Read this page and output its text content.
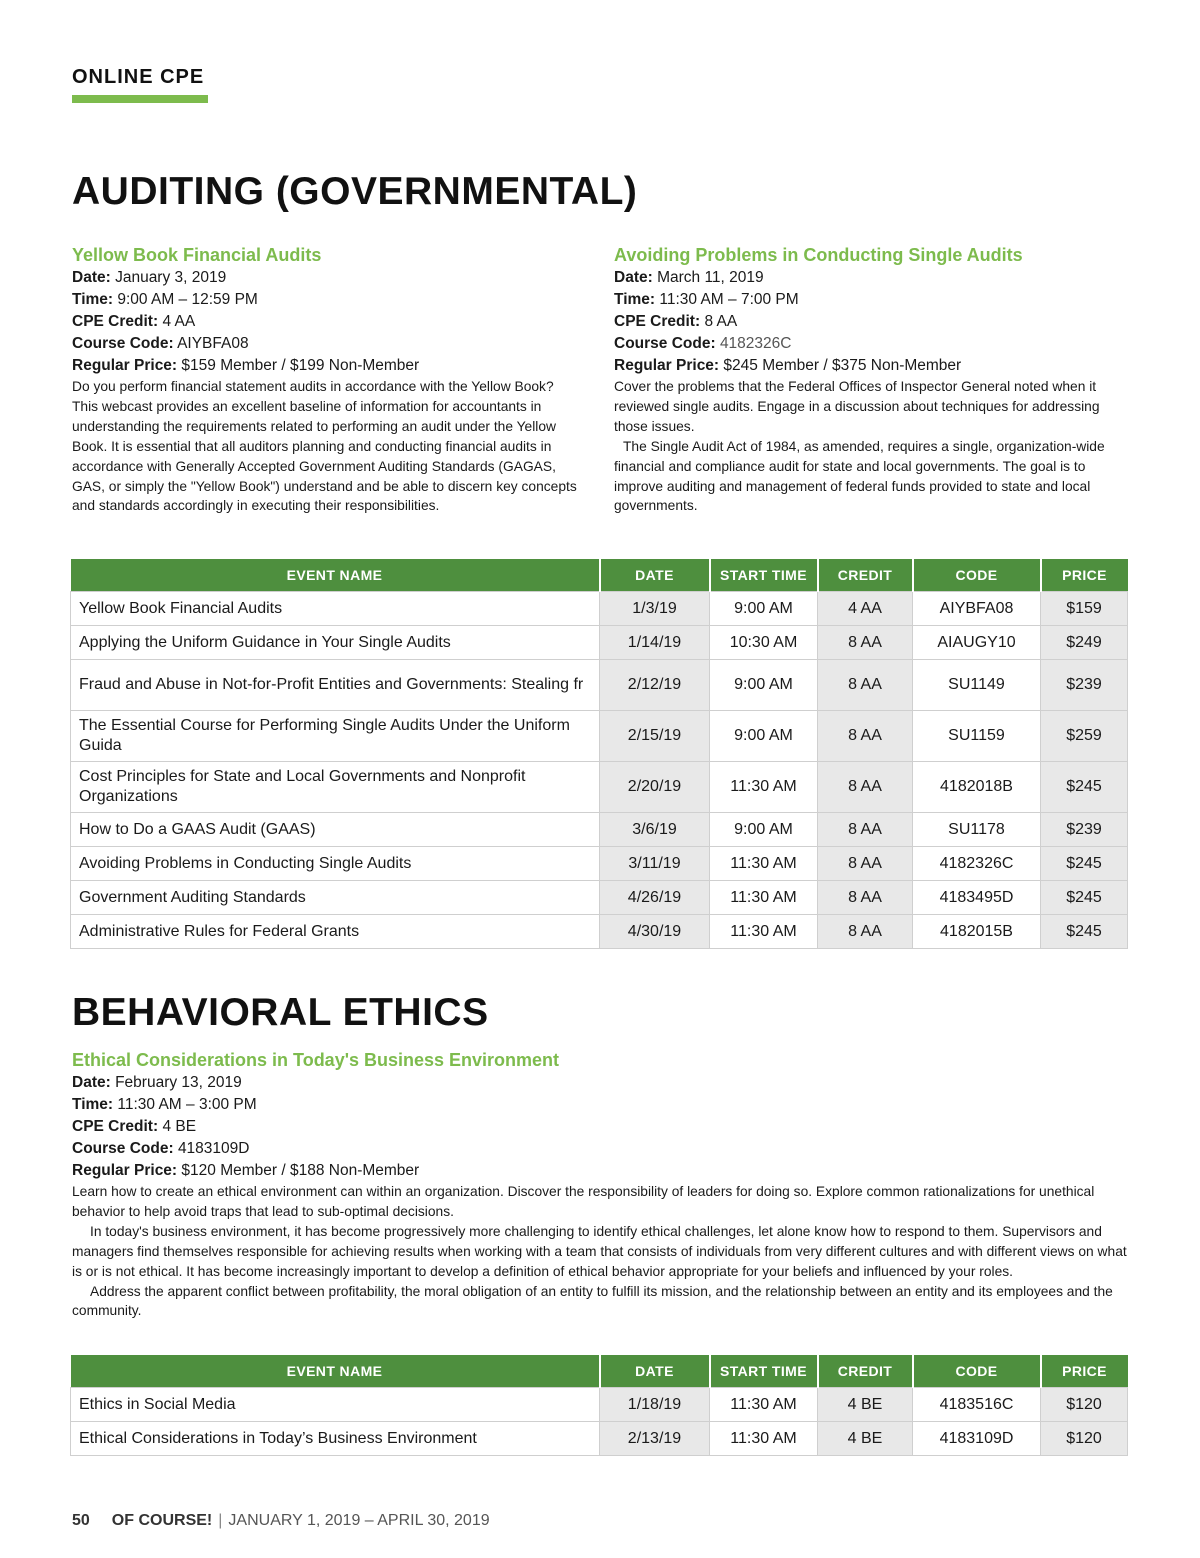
ONLINE CPE
AUDITING (GOVERNMENTAL)
Yellow Book Financial Audits
Date: January 3, 2019
Time: 9:00 AM – 12:59 PM
CPE Credit: 4 AA
Course Code: AIYBFA08
Regular Price: $159 Member / $199 Non-Member
Do you perform financial statement audits in accordance with the Yellow Book? This webcast provides an excellent baseline of information for accountants in understanding the requirements related to performing an audit under the Yellow Book. It is essential that all auditors planning and conducting financial audits in accordance with Generally Accepted Government Auditing Standards (GAGAS, GAS, or simply the "Yellow Book") understand and be able to discern key concepts and standards accordingly in executing their responsibilities.
Avoiding Problems in Conducting Single Audits
Date: March 11, 2019
Time: 11:30 AM – 7:00 PM
CPE Credit: 8 AA
Course Code: 4182326C
Regular Price: $245 Member / $375 Non-Member
Cover the problems that the Federal Offices of Inspector General noted when it reviewed single audits. Engage in a discussion about techniques for addressing those issues.
The Single Audit Act of 1984, as amended, requires a single, organization-wide financial and compliance audit for state and local governments. The goal is to improve auditing and management of federal funds provided to state and local governments.
EVENT NAME	DATE	START TIME	CREDIT	CODE	PRICE
Yellow Book Financial Audits	1/3/19	9:00 AM	4 AA	AIYBFA08	$159
Applying the Uniform Guidance in Your Single Audits	1/14/19	10:30 AM	8 AA	AIAUGY10	$249
Fraud and Abuse in Not-for-Profit Entities and Governments: Stealing fr	2/12/19	9:00 AM	8 AA	SU1149	$239
The Essential Course for Performing Single Audits Under the Uniform Guida	2/15/19	9:00 AM	8 AA	SU1159	$259
Cost Principles for State and Local Governments and Nonprofit Organizations	2/20/19	11:30 AM	8 AA	4182018B	$245
How to Do a GAAS Audit (GAAS)	3/6/19	9:00 AM	8 AA	SU1178	$239
Avoiding Problems in Conducting Single Audits	3/11/19	11:30 AM	8 AA	4182326C	$245
Government Auditing Standards	4/26/19	11:30 AM	8 AA	4183495D	$245
Administrative Rules for Federal Grants	4/30/19	11:30 AM	8 AA	4182015B	$245
BEHAVIORAL ETHICS
Ethical Considerations in Today's Business Environment
Date: February 13, 2019
Time: 11:30 AM – 3:00 PM
CPE Credit: 4 BE
Course Code: 4183109D
Regular Price: $120 Member / $188 Non-Member
Learn how to create an ethical environment can within an organization. Discover the responsibility of leaders for doing so. Explore common rationalizations for unethical behavior to help avoid traps that lead to sub-optimal decisions.
In today's business environment, it has become progressively more challenging to identify ethical challenges, let alone know how to respond to them. Supervisors and managers find themselves responsible for achieving results when working with a team that consists of individuals from very different cultures and with different views on what is or is not ethical. It has become increasingly important to develop a definition of ethical behavior appropriate for your beliefs and influenced by your roles.
Address the apparent conflict between profitability, the moral obligation of an entity to fulfill its mission, and the relationship between an entity and its employees and the community.
EVENT NAME	DATE	START TIME	CREDIT	CODE	PRICE
Ethics in Social Media	1/18/19	11:30 AM	4 BE	4183516C	$120
Ethical Considerations in Today’s Business Environment	2/13/19	11:30 AM	4 BE	4183109D	$120
50 OF COURSE! | JANUARY 1, 2019 – APRIL 30, 2019
